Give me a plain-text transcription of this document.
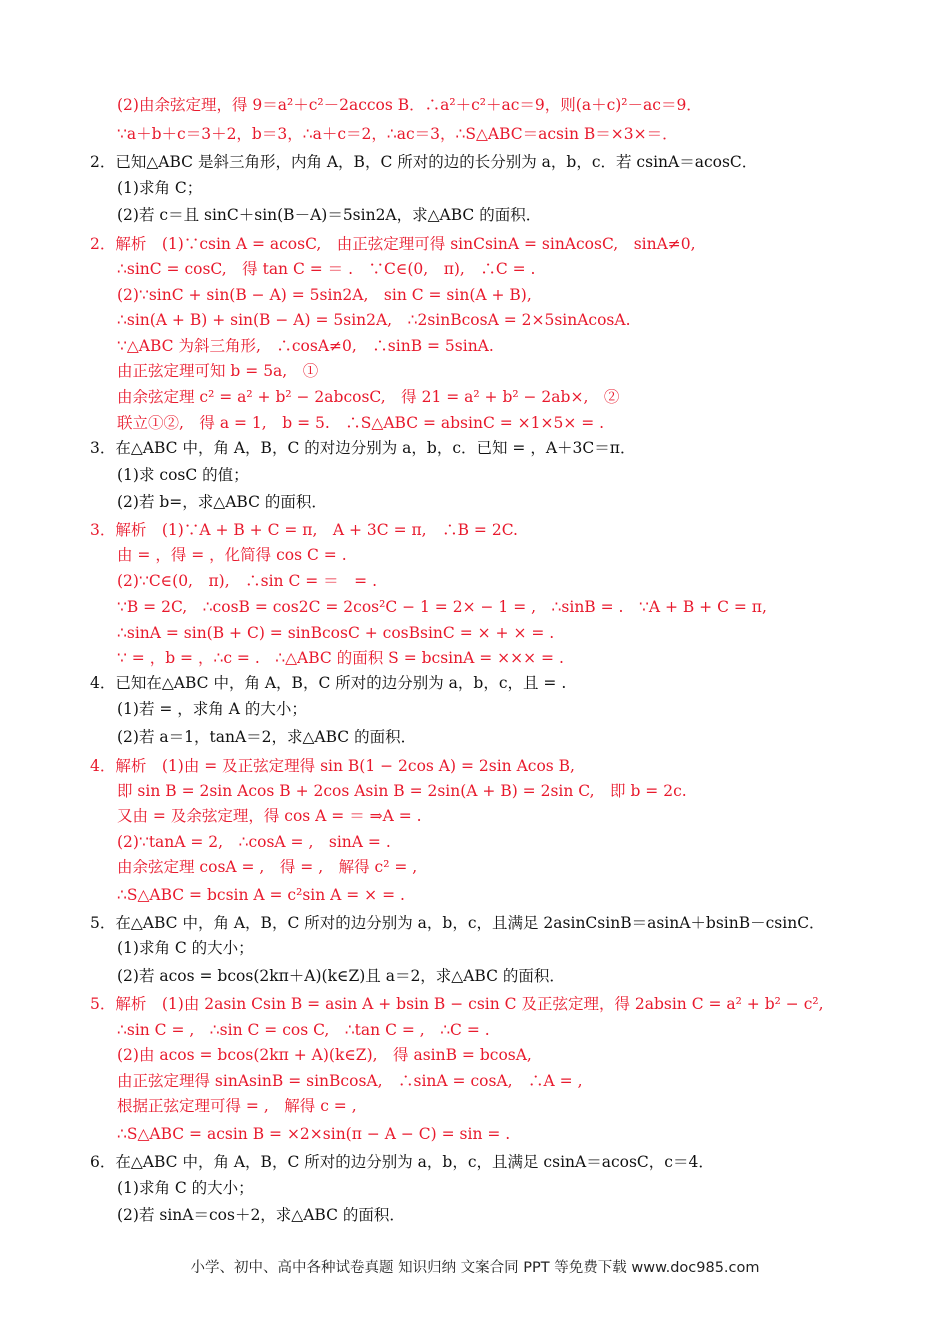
(2)由余弦定理，得 9＝a²＋c²－2accos B．∴a²＋c²＋ac＝9，则(a＋c)²－ac＝9．
∵a＋b＋c＝3＋2，b＝3，∴a＋c＝2，∴ac＝3，∴S△ABC＝acsin B＝×3×＝．
2．已知△ABC 是斜三角形，内角 A，B，C 所对的边的长分别为 a，b，c．若 csinA＝acosC．
(1)求角 C；
(2)若 c＝且 sinC＋sin(B－A)＝5sin2A，求△ABC 的面积．
2．解析　(1)∵csin A = acosC,　由正弦定理可得 sinCsinA = sinAcosC,　sinA≠0,
∴sinC = cosC,　得 tan C = ＝ .　∵C∈(0,　π),　∴C = .
(2)∵sinC + sin(B − A) = 5sin2A,　sin C = sin(A + B),
∴sin(A + B) + sin(B − A) = 5sin2A,　∴2sinBcosA = 2×5sinAcosA.
∵△ABC 为斜三角形,　∴cosA≠0,　∴sinB = 5sinA.
由正弦定理可知 b = 5a,　①
由余弦定理 c² = a² + b² − 2abcosC,　得 21 = a² + b² − 2ab×,　②
联立①②,　得 a = 1,　b = 5.　∴S△ABC = absinC = ×1×5× = .
3．在△ABC 中，角 A，B，C 的对边分别为 a，b，c．已知 = ，A＋3C＝π．
(1)求 cosC 的值；
(2)若 b=，求△ABC 的面积．
3．解析　(1)∵A + B + C = π,　A + 3C = π,　∴B = 2C.
由 = ，得 = ，化简得 cos C = .
(2)∵C∈(0,　π),　∴sin C = ＝　= .
∵B = 2C,　∴cosB = cos2C = 2cos²C − 1 = 2× − 1 = ,　∴sinB = .　∵A + B + C = π,
∴sinA = sin(B + C) = sinBcosC + cosBsinC = × + × = .
∵ = ，b = ，∴c = .　∴△ABC 的面积 S = bcsinA = ××× = .
4．已知在△ABC 中，角 A，B，C 所对的边分别为 a，b，c，且 = .
(1)若 = ，求角 A 的大小；
(2)若 a＝1，tanA＝2，求△ABC 的面积．
4．解析　(1)由 = 及正弦定理得 sin B(1 − 2cos A) = 2sin Acos B,
即 sin B = 2sin Acos B + 2cos Asin B = 2sin(A + B) = 2sin C,　即 b = 2c.
又由 = 及余弦定理，得 cos A = ＝ ⇒A = .
(2)∵tanA = 2,　∴cosA = ,　sinA = .
由余弦定理 cosA = ,　得 = ,　解得 c² = ,
∴S△ABC = bcsin A = c²sin A = × = .
5．在△ABC 中，角 A，B，C 所对的边分别为 a，b，c，且满足 2asinCsinB＝asinA＋bsinB－csinC．
(1)求角 C 的大小；
(2)若 acos = bcos(2kπ＋A)(k∈Z)且 a＝2，求△ABC 的面积．
5．解析　(1)由 2asin Csin B = asin A + bsin B − csin C 及正弦定理，得 2absin C = a² + b² − c²,
∴sin C = ,　∴sin C = cos C,　∴tan C = ,　∴C = .
(2)由 acos = bcos(2kπ + A)(k∈Z),　得 asinB = bcosA,
由正弦定理得 sinAsinB = sinBcosA,　∴sinA = cosA,　∴A = ,
根据正弦定理可得 = ,　解得 c = ,
∴S△ABC = acsin B = ×2×sin(π − A − C) = sin = .
6．在△ABC 中，角 A，B，C 所对的边分别为 a，b，c，且满足 csinA＝acosC，c＝4．
(1)求角 C 的大小；
(2)若 sinA＝cos＋2，求△ABC 的面积．
小学、初中、高中各种试卷真题 知识归纳 文案合同 PPT 等免费下载 www.doc985.com
